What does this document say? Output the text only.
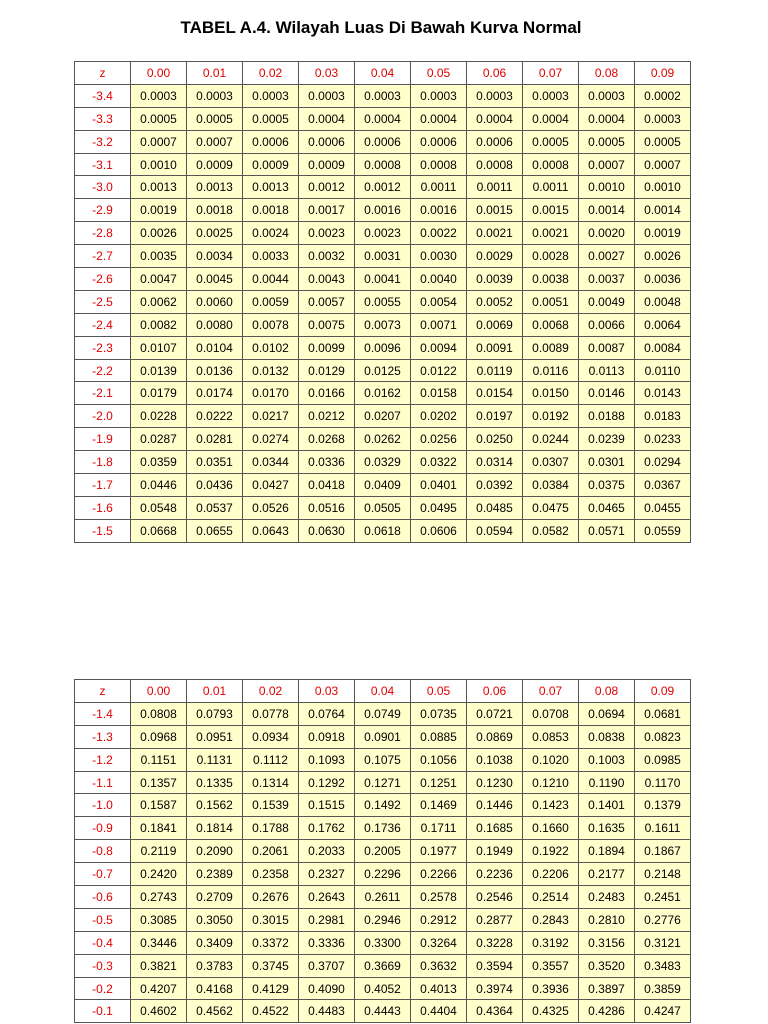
TABEL A.4. Wilayah Luas Di Bawah Kurva Normal
z	0.00	0.01	0.02	0.03	0.04	0.05	0.06	0.07	0.08	0.09
-3.4	0.0003	0.0003	0.0003	0.0003	0.0003	0.0003	0.0003	0.0003	0.0003	0.0002
-3.3	0.0005	0.0005	0.0005	0.0004	0.0004	0.0004	0.0004	0.0004	0.0004	0.0003
-3.2	0.0007	0.0007	0.0006	0.0006	0.0006	0.0006	0.0006	0.0005	0.0005	0.0005
-3.1	0.0010	0.0009	0.0009	0.0009	0.0008	0.0008	0.0008	0.0008	0.0007	0.0007
-3.0	0.0013	0.0013	0.0013	0.0012	0.0012	0.0011	0.0011	0.0011	0.0010	0.0010
-2.9	0.0019	0.0018	0.0018	0.0017	0.0016	0.0016	0.0015	0.0015	0.0014	0.0014
-2.8	0.0026	0.0025	0.0024	0.0023	0.0023	0.0022	0.0021	0.0021	0.0020	0.0019
-2.7	0.0035	0.0034	0.0033	0.0032	0.0031	0.0030	0.0029	0.0028	0.0027	0.0026
-2.6	0.0047	0.0045	0.0044	0.0043	0.0041	0.0040	0.0039	0.0038	0.0037	0.0036
-2.5	0.0062	0.0060	0.0059	0.0057	0.0055	0.0054	0.0052	0.0051	0.0049	0.0048
-2.4	0.0082	0.0080	0.0078	0.0075	0.0073	0.0071	0.0069	0.0068	0.0066	0.0064
-2.3	0.0107	0.0104	0.0102	0.0099	0.0096	0.0094	0.0091	0.0089	0.0087	0.0084
-2.2	0.0139	0.0136	0.0132	0.0129	0.0125	0.0122	0.0119	0.0116	0.0113	0.0110
-2.1	0.0179	0.0174	0.0170	0.0166	0.0162	0.0158	0.0154	0.0150	0.0146	0.0143
-2.0	0.0228	0.0222	0.0217	0.0212	0.0207	0.0202	0.0197	0.0192	0.0188	0.0183
-1.9	0.0287	0.0281	0.0274	0.0268	0.0262	0.0256	0.0250	0.0244	0.0239	0.0233
-1.8	0.0359	0.0351	0.0344	0.0336	0.0329	0.0322	0.0314	0.0307	0.0301	0.0294
-1.7	0.0446	0.0436	0.0427	0.0418	0.0409	0.0401	0.0392	0.0384	0.0375	0.0367
-1.6	0.0548	0.0537	0.0526	0.0516	0.0505	0.0495	0.0485	0.0475	0.0465	0.0455
-1.5	0.0668	0.0655	0.0643	0.0630	0.0618	0.0606	0.0594	0.0582	0.0571	0.0559
z	0.00	0.01	0.02	0.03	0.04	0.05	0.06	0.07	0.08	0.09
-1.4	0.0808	0.0793	0.0778	0.0764	0.0749	0.0735	0.0721	0.0708	0.0694	0.0681
-1.3	0.0968	0.0951	0.0934	0.0918	0.0901	0.0885	0.0869	0.0853	0.0838	0.0823
-1.2	0.1151	0.1131	0.1112	0.1093	0.1075	0.1056	0.1038	0.1020	0.1003	0.0985
-1.1	0.1357	0.1335	0.1314	0.1292	0.1271	0.1251	0.1230	0.1210	0.1190	0.1170
-1.0	0.1587	0.1562	0.1539	0.1515	0.1492	0.1469	0.1446	0.1423	0.1401	0.1379
-0.9	0.1841	0.1814	0.1788	0.1762	0.1736	0.1711	0.1685	0.1660	0.1635	0.1611
-0.8	0.2119	0.2090	0.2061	0.2033	0.2005	0.1977	0.1949	0.1922	0.1894	0.1867
-0.7	0.2420	0.2389	0.2358	0.2327	0.2296	0.2266	0.2236	0.2206	0.2177	0.2148
-0.6	0.2743	0.2709	0.2676	0.2643	0.2611	0.2578	0.2546	0.2514	0.2483	0.2451
-0.5	0.3085	0.3050	0.3015	0.2981	0.2946	0.2912	0.2877	0.2843	0.2810	0.2776
-0.4	0.3446	0.3409	0.3372	0.3336	0.3300	0.3264	0.3228	0.3192	0.3156	0.3121
-0.3	0.3821	0.3783	0.3745	0.3707	0.3669	0.3632	0.3594	0.3557	0.3520	0.3483
-0.2	0.4207	0.4168	0.4129	0.4090	0.4052	0.4013	0.3974	0.3936	0.3897	0.3859
-0.1	0.4602	0.4562	0.4522	0.4483	0.4443	0.4404	0.4364	0.4325	0.4286	0.4247
